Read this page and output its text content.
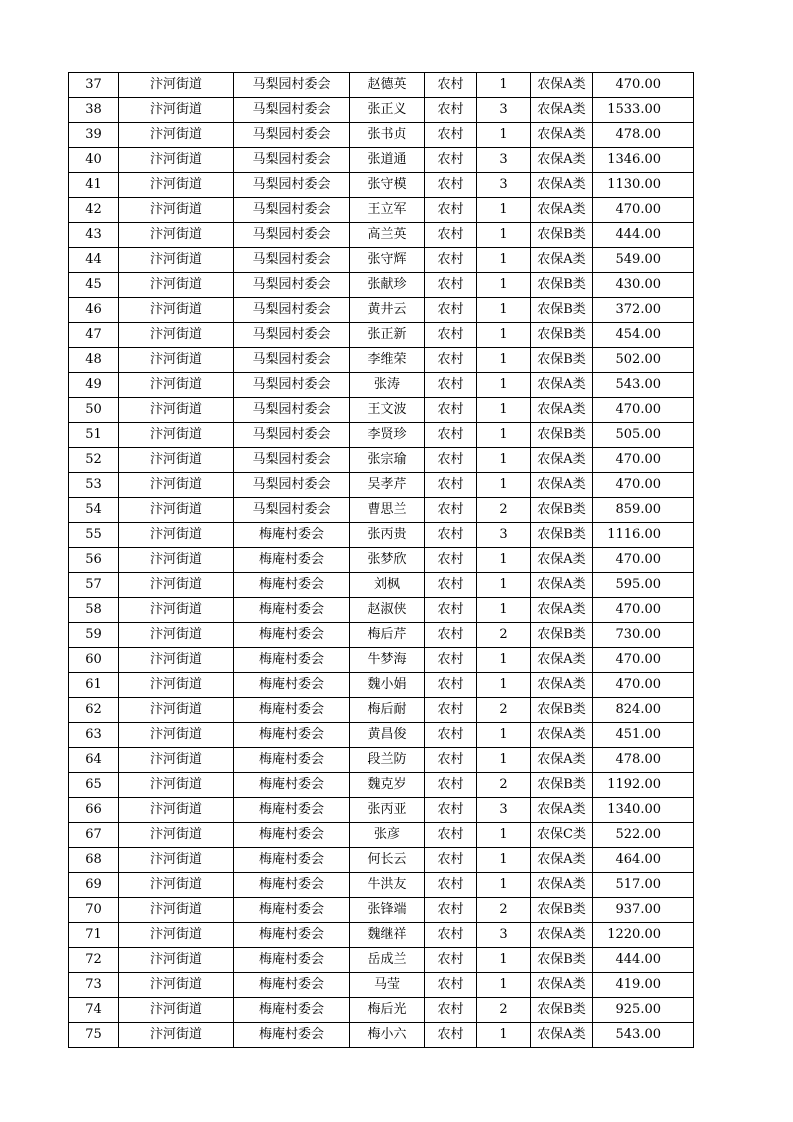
37	汴河街道	马梨园村委会	赵德英	农村	1	农保A类	470.00
38	汴河街道	马梨园村委会	张正义	农村	3	农保A类	1533.00
39	汴河街道	马梨园村委会	张书贞	农村	1	农保A类	478.00
40	汴河街道	马梨园村委会	张道通	农村	3	农保A类	1346.00
41	汴河街道	马梨园村委会	张守模	农村	3	农保A类	1130.00
42	汴河街道	马梨园村委会	王立军	农村	1	农保A类	470.00
43	汴河街道	马梨园村委会	高兰英	农村	1	农保B类	444.00
44	汴河街道	马梨园村委会	张守辉	农村	1	农保A类	549.00
45	汴河街道	马梨园村委会	张献珍	农村	1	农保B类	430.00
46	汴河街道	马梨园村委会	黄井云	农村	1	农保B类	372.00
47	汴河街道	马梨园村委会	张正新	农村	1	农保B类	454.00
48	汴河街道	马梨园村委会	李维荣	农村	1	农保B类	502.00
49	汴河街道	马梨园村委会	张涛	农村	1	农保A类	543.00
50	汴河街道	马梨园村委会	王文波	农村	1	农保A类	470.00
51	汴河街道	马梨园村委会	李贤珍	农村	1	农保B类	505.00
52	汴河街道	马梨园村委会	张宗瑜	农村	1	农保A类	470.00
53	汴河街道	马梨园村委会	吴孝芹	农村	1	农保A类	470.00
54	汴河街道	马梨园村委会	曹思兰	农村	2	农保B类	859.00
55	汴河街道	梅庵村委会	张丙贵	农村	3	农保B类	1116.00
56	汴河街道	梅庵村委会	张梦欣	农村	1	农保A类	470.00
57	汴河街道	梅庵村委会	刘枫	农村	1	农保A类	595.00
58	汴河街道	梅庵村委会	赵淑侠	农村	1	农保A类	470.00
59	汴河街道	梅庵村委会	梅后芹	农村	2	农保B类	730.00
60	汴河街道	梅庵村委会	牛梦海	农村	1	农保A类	470.00
61	汴河街道	梅庵村委会	魏小娟	农村	1	农保A类	470.00
62	汴河街道	梅庵村委会	梅后耐	农村	2	农保B类	824.00
63	汴河街道	梅庵村委会	黄昌俊	农村	1	农保A类	451.00
64	汴河街道	梅庵村委会	段兰防	农村	1	农保A类	478.00
65	汴河街道	梅庵村委会	魏克岁	农村	2	农保B类	1192.00
66	汴河街道	梅庵村委会	张丙亚	农村	3	农保A类	1340.00
67	汴河街道	梅庵村委会	张彦	农村	1	农保C类	522.00
68	汴河街道	梅庵村委会	何长云	农村	1	农保A类	464.00
69	汴河街道	梅庵村委会	牛洪友	农村	1	农保A类	517.00
70	汴河街道	梅庵村委会	张锋端	农村	2	农保B类	937.00
71	汴河街道	梅庵村委会	魏继祥	农村	3	农保A类	1220.00
72	汴河街道	梅庵村委会	岳成兰	农村	1	农保B类	444.00
73	汴河街道	梅庵村委会	马莹	农村	1	农保A类	419.00
74	汴河街道	梅庵村委会	梅后光	农村	2	农保B类	925.00
75	汴河街道	梅庵村委会	梅小六	农村	1	农保A类	543.00
